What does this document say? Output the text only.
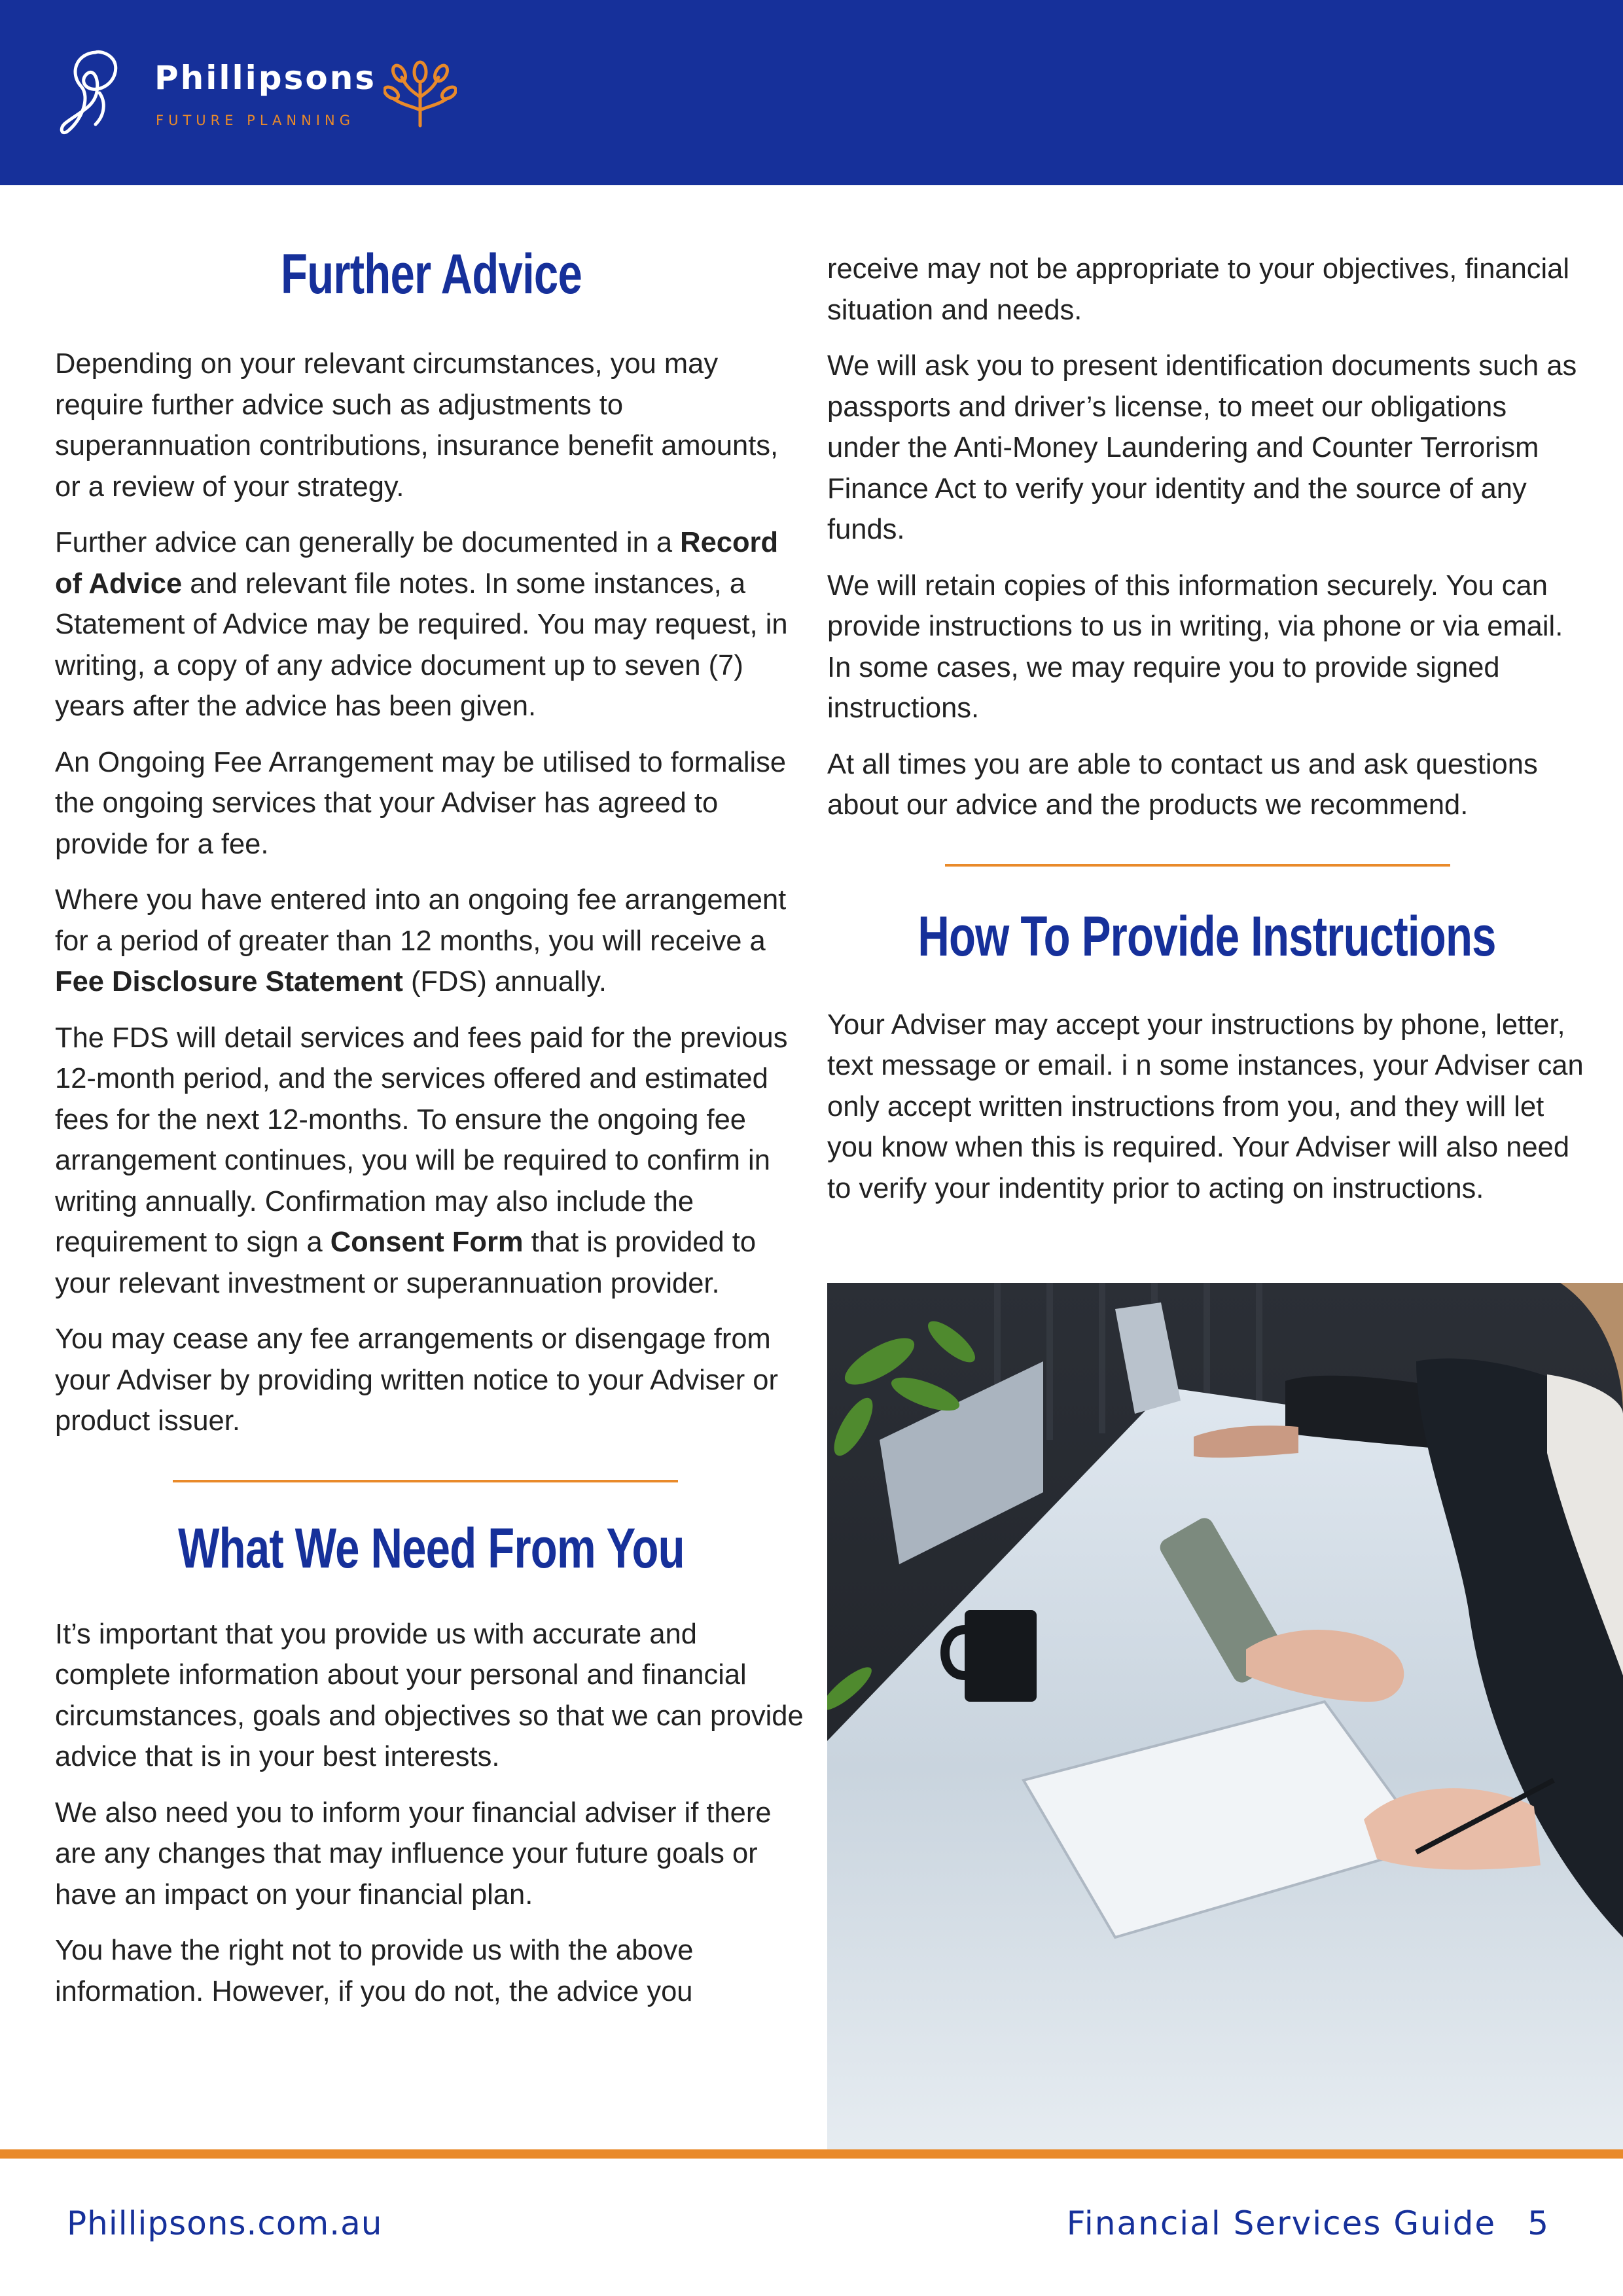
Phillipsons
FUTURE PLANNING
Further Advice

Depending on your relevant circumstances, you may require further advice such as adjustments to superannuation contributions, insurance benefit amounts, or a review of your strategy.

Further advice can generally be documented in a Record of Advice and relevant file notes. In some instances, a Statement of Advice may be required. You may request, in writing, a copy of any advice document up to seven (7) years after the advice has been given.

An Ongoing Fee Arrangement may be utilised to formalise the ongoing services that your Adviser has agreed to provide for a fee.

Where you have entered into an ongoing fee arrangement for a period of greater than 12 months, you will receive a Fee Disclosure Statement (FDS) annually.

The FDS will detail services and fees paid for the previous 12-month period, and the services offered and estimated fees for the next 12-months. To ensure the ongoing fee arrangement continues, you will be required to confirm in writing annually. Confirmation may also include the requirement to sign a Consent Form that is provided to your relevant investment or superannuation provider.

You may cease any fee arrangements or disengage from your Adviser by providing written notice to your Adviser or product issuer.

What We Need From You

It’s important that you provide us with accurate and complete information about your personal and financial circumstances, goals and objectives so that we can provide advice that is in your best interests.

We also need you to inform your financial adviser if there are any changes that may influence your future goals or have an impact on your financial plan.

You have the right not to provide us with the above information. However, if you do not, the advice you

receive may not be appropriate to your objectives, financial situation and needs.

We will ask you to present identification documents such as passports and driver’s license, to meet our obligations under the Anti-Money Laundering and Counter Terrorism Finance Act to verify your identity and the source of any funds.

We will retain copies of this information securely. You can provide instructions to us in writing, via phone or via email. In some cases, we may require you to provide signed instructions.

At all times you are able to contact us and ask questions about our advice and the products we recommend.

How To Provide Instructions

Your Adviser may accept your instructions by phone, letter, text message or email. i n some instances, your Adviser can only accept written instructions from you, and they will let you know when this is required. Your Adviser will also need to verify your indentity prior to acting on instructions.

Phillipsons.com.au	Financial Services Guide 5
